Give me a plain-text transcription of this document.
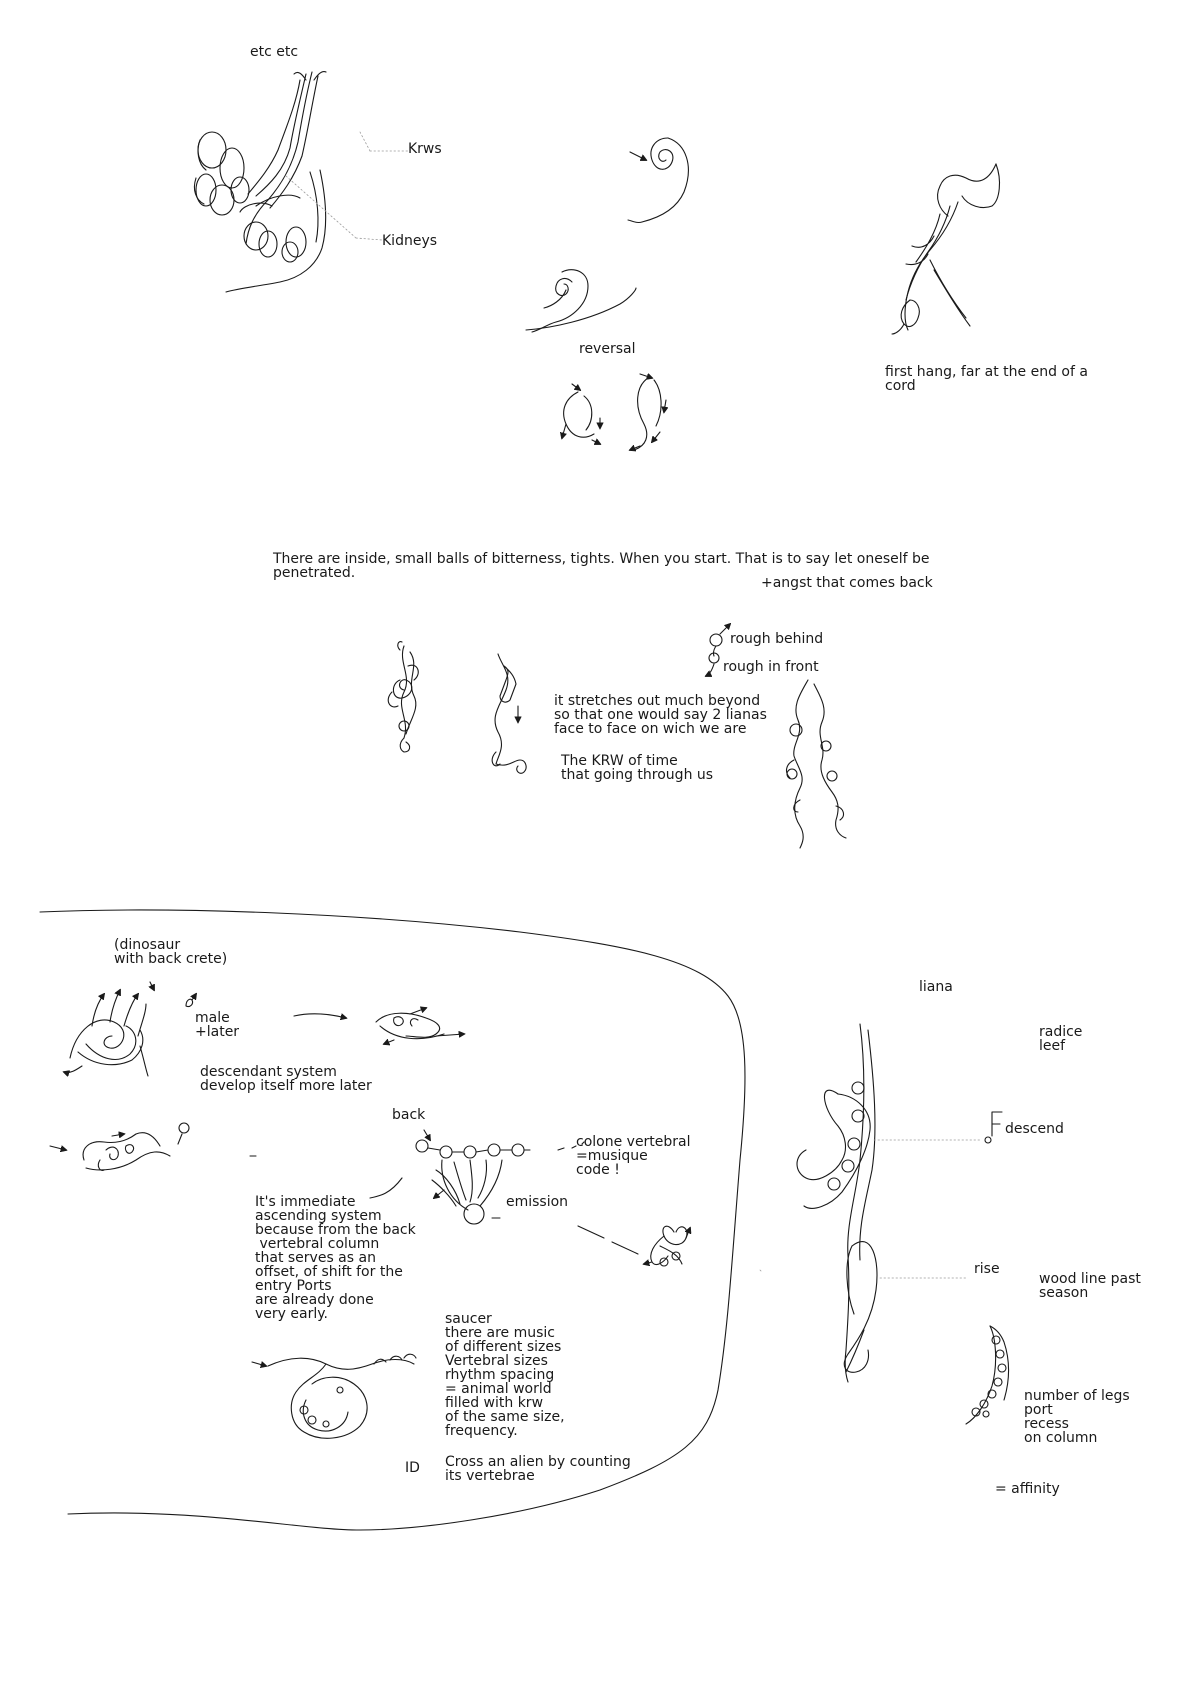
etc etc

Krws

Kidneys

reversal

first hang, far at the end of a
cord

There are inside, small balls of bitterness, tights. When you start. That is to say let oneself be
penetrated.

+angst that comes back

rough behind

rough in front

it stretches out much beyond
so that one would say 2 lianas
face to face on wich we are

The KRW of time
that going through us

(dinosaur
with back crete)

male
+later

descendant system
develop itself more later

back

colone vertebral
=musique
code !

emission

It's immediate
ascending system
because from the back
vertebral column
that serves as an
offset, of shift for the
entry Ports
are already done
very early.	saucer
there are music
of different sizes
Vertebral sizes
rhythm spacing
= animal world
filled with krw
of the same size,
frequency.

ID Cross an alien by counting
its vertebrae

liana

radice
leef

descend

rise

wood line past
season

number of legs
port
recess
on column

= affinity
